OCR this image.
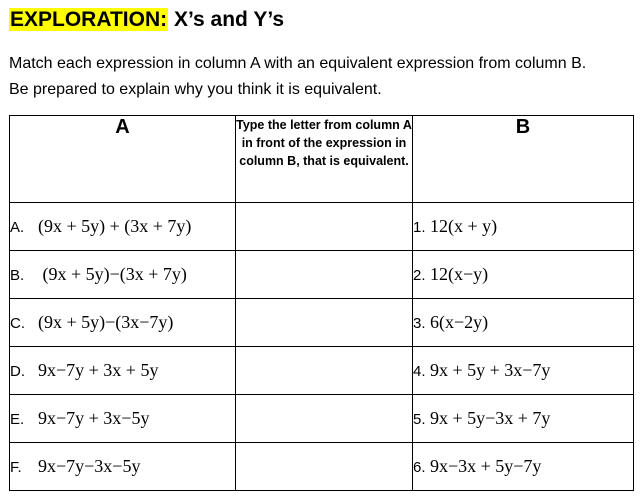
EXPLORATION: X’s and Y’s

Match each expression in column A with an equivalent expression from column B.

Be prepared to explain why you think it is equivalent.

A	Type the letter from column A in front of the expression in column B, that is equivalent.	B
A. (9x + 5y) + (3x + 7y)		1. 12(x + y)
B. (9x + 5y)−(3x + 7y)		2. 12(x−y)
C. (9x + 5y)−(3x−7y)		3. 6(x−2y)
D. 9x−7y + 3x + 5y		4. 9x + 5y + 3x−7y
E. 9x−7y + 3x−5y		5. 9x + 5y−3x + 7y
F. 9x−7y−3x−5y		6. 9x−3x + 5y−7y
